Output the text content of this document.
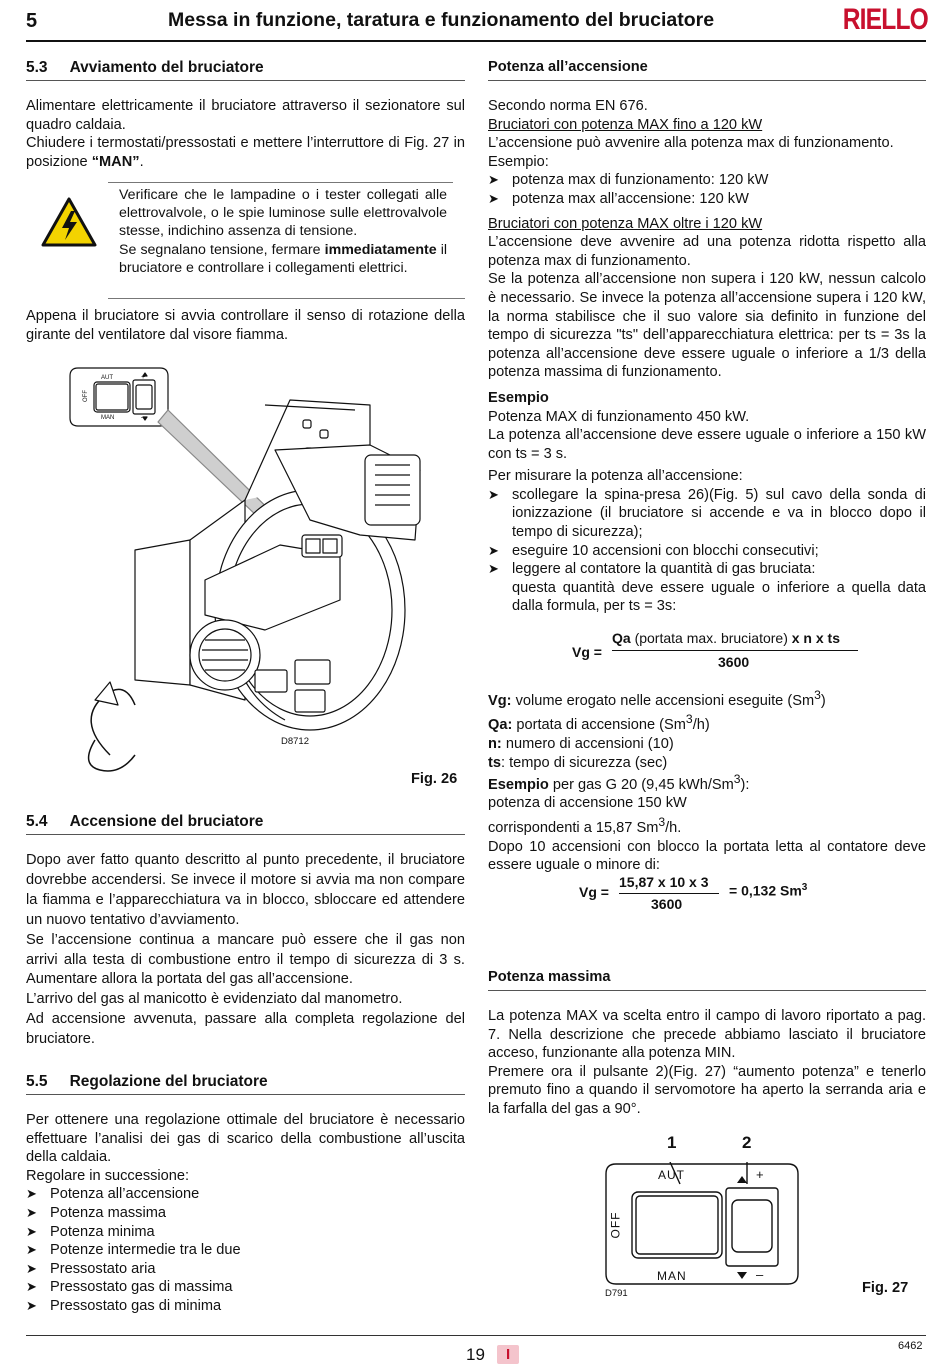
5	Messa in funzione, taratura e funzionamento del bruciatore	RIELLO
5.3 Avviamento del bruciatore

Alimentare elettricamente il bruciatore attraverso il sezionatore sul quadro caldaia.

Chiudere i termostati/pressostati e mettere l’interruttore di Fig. 27 in posizione “MAN”.

Verificare che le lampadine o i tester collegati alle elettrovalvole, o le spie luminose sulle elettrovalvole stesse, indichino assenza di tensione.

Se segnalano tensione, fermare immediatamente il bruciatore e controllare i collegamenti elettrici.

Appena il bruciatore si avvia controllare il senso di rotazione della girante del ventilatore dal visore fiamma.

AUT
OFF
MAN
+
–
D8712
Fig. 26
5.4 Accensione del bruciatore

Dopo aver fatto quanto descritto al punto precedente, il bruciatore dovrebbe accendersi. Se invece il motore si avvia ma non compare la fiamma e l’apparecchiatura va in blocco, sbloccare ed attendere un nuovo tentativo d’avviamento.

Se l’accensione continua a mancare può essere che il gas non arrivi alla testa di combustione entro il tempo di sicurezza di 3 s. Aumentare allora la portata del gas all’accensione.

L’arrivo del gas al manicotto è evidenziato dal manometro.

Ad accensione avvenuta, passare alla completa regolazione del bruciatore.

5.5 Regolazione del bruciatore

Per ottenere una regolazione ottimale del bruciatore è necessario effettuare l’analisi dei gas di scarico della combustione all’uscita della caldaia.

Regolare in successione:

➤ Potenza all’accensione
➤ Potenza massima
➤ Potenza minima
➤ Potenze intermedie tra le due
➤ Pressostato aria
➤ Pressostato gas di massima
➤ Pressostato gas di minima
Potenza all’accensione

Secondo norma EN 676.

Bruciatori con potenza MAX fino a 120 kW

L’accensione può avvenire alla potenza max di funzionamento.

Esempio:

➤ potenza max di funzionamento: 120 kW
➤ potenza max all’accensione: 120 kW

Bruciatori con potenza MAX oltre i 120 kW

L’accensione deve avvenire ad una potenza ridotta rispetto alla potenza max di funzionamento.

Se la potenza all’accensione non supera i 120 kW, nessun calcolo è necessario. Se invece la potenza all’accensione supera i 120 kW, la norma stabilisce che il suo valore sia definito in funzione del tempo di sicurezza "ts" dell’apparecchiatura elettrica: per ts = 3s la potenza all’accensione deve essere uguale o inferiore a 1/3 della potenza massima di funzionamento.

Esempio

Potenza MAX di funzionamento 450 kW.

La potenza all’accensione deve essere uguale o inferiore a 150 kW con ts = 3 s.

Per misurare la potenza all’accensione:

➤ scollegare la spina-presa 26)(Fig. 5) sul cavo della sonda di ionizzazione (il bruciatore si accende e va in blocco dopo il tempo di sicurezza);
➤ eseguire 10 accensioni con blocchi consecutivi;
➤ leggere al contatore la quantità di gas bruciata:
questa quantità deve essere uguale o inferiore a quella data dalla formula, per ts = 3s:
Vg =
Qa (portata max. bruciatore) x n x ts
3600

Vg: volume erogato nelle accensioni eseguite (Sm$^3$)

Qa: portata di accensione (Sm$^3$/h)

n: numero di accensioni (10)

ts: tempo di sicurezza (sec)

Esempio per gas G 20 (9,45 kWh/Sm$^3$):

potenza di accensione 150 kW

corrispondenti a 15,87 Sm$^3$/h.

Dopo 10 accensioni con blocco la portata letta al contatore deve essere uguale o minore di:

Vg =
15,87 x 10 x 3
3600
= 0,132 Sm$^3$
Potenza massima

La potenza MAX va scelta entro il campo di lavoro riportato a pag. 7. Nella descrizione che precede abbiamo lasciato il bruciatore acceso, funzionante alla potenza MIN.

Premere ora il pulsante 2)(Fig. 27) “aumento potenza” e tenerlo premuto fino a quando il servomotore ha aperto la serranda aria e la farfalla del gas a 90°.

1	2
AUT
OFF
MAN
+
–
D791	Fig. 27
19	I	6462
